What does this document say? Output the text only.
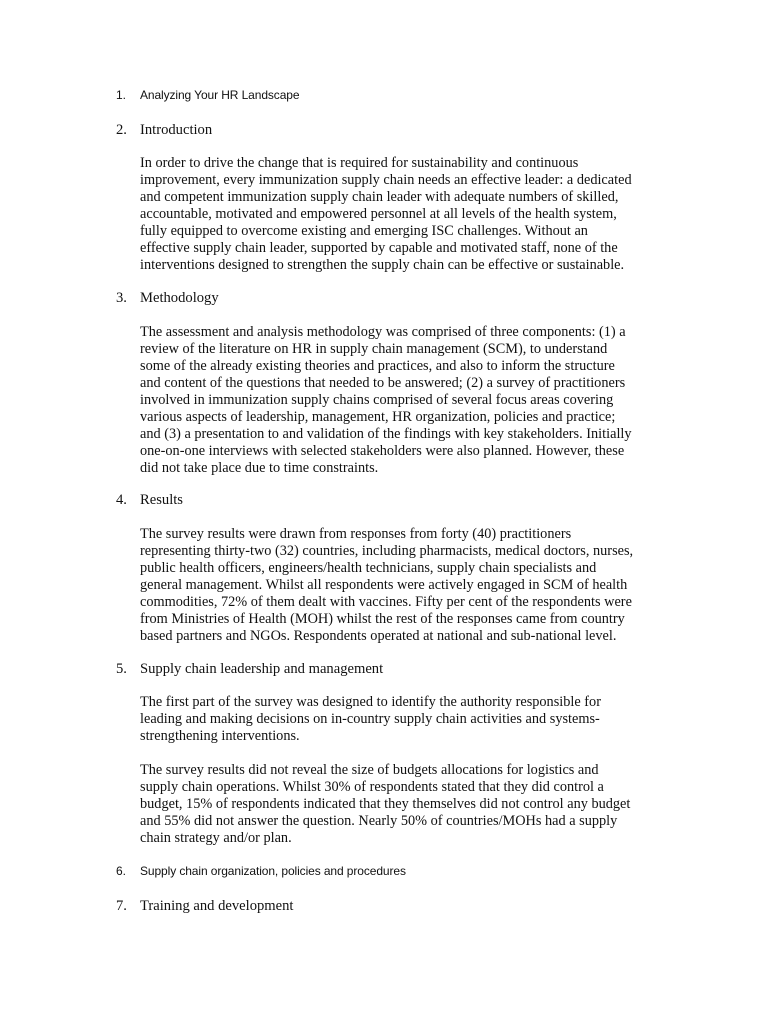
1. Analyzing Your HR Landscape
2. Introduction

In order to drive the change that is required for sustainability and continuous
improvement, every immunization supply chain needs an effective leader: a dedicated
and competent immunization supply chain leader with adequate numbers of skilled,
accountable, motivated and empowered personnel at all levels of the health system,
fully equipped to overcome existing and emerging ISC challenges. Without an
effective supply chain leader, supported by capable and motivated staff, none of the
interventions designed to strengthen the supply chain can be effective or sustainable.

3. Methodology

The assessment and analysis methodology was comprised of three components: (1) a
review of the literature on HR in supply chain management (SCM), to understand
some of the already existing theories and practices, and also to inform the structure
and content of the questions that needed to be answered; (2) a survey of practitioners
involved in immunization supply chains comprised of several focus areas covering
various aspects of leadership, management, HR organization, policies and practice;
and (3) a presentation to and validation of the findings with key stakeholders. Initially
one-on-one interviews with selected stakeholders were also planned. However, these
did not take place due to time constraints.

4. Results

The survey results were drawn from responses from forty (40) practitioners
representing thirty-two (32) countries, including pharmacists, medical doctors, nurses,
public health officers, engineers/health technicians, supply chain specialists and
general management. Whilst all respondents were actively engaged in SCM of health
commodities, 72% of them dealt with vaccines. Fifty per cent of the respondents were
from Ministries of Health (MOH) whilst the rest of the responses came from country
based partners and NGOs. Respondents operated at national and sub-national level.

5. Supply chain leadership and management

The first part of the survey was designed to identify the authority responsible for
leading and making decisions on in-country supply chain activities and systems-
strengthening interventions.

The survey results did not reveal the size of budgets allocations for logistics and
supply chain operations. Whilst 30% of respondents stated that they did control a
budget, 15% of respondents indicated that they themselves did not control any budget
and 55% did not answer the question. Nearly 50% of countries/MOHs had a supply
chain strategy and/or plan.

6. Supply chain organization, policies and procedures
7. Training and development
